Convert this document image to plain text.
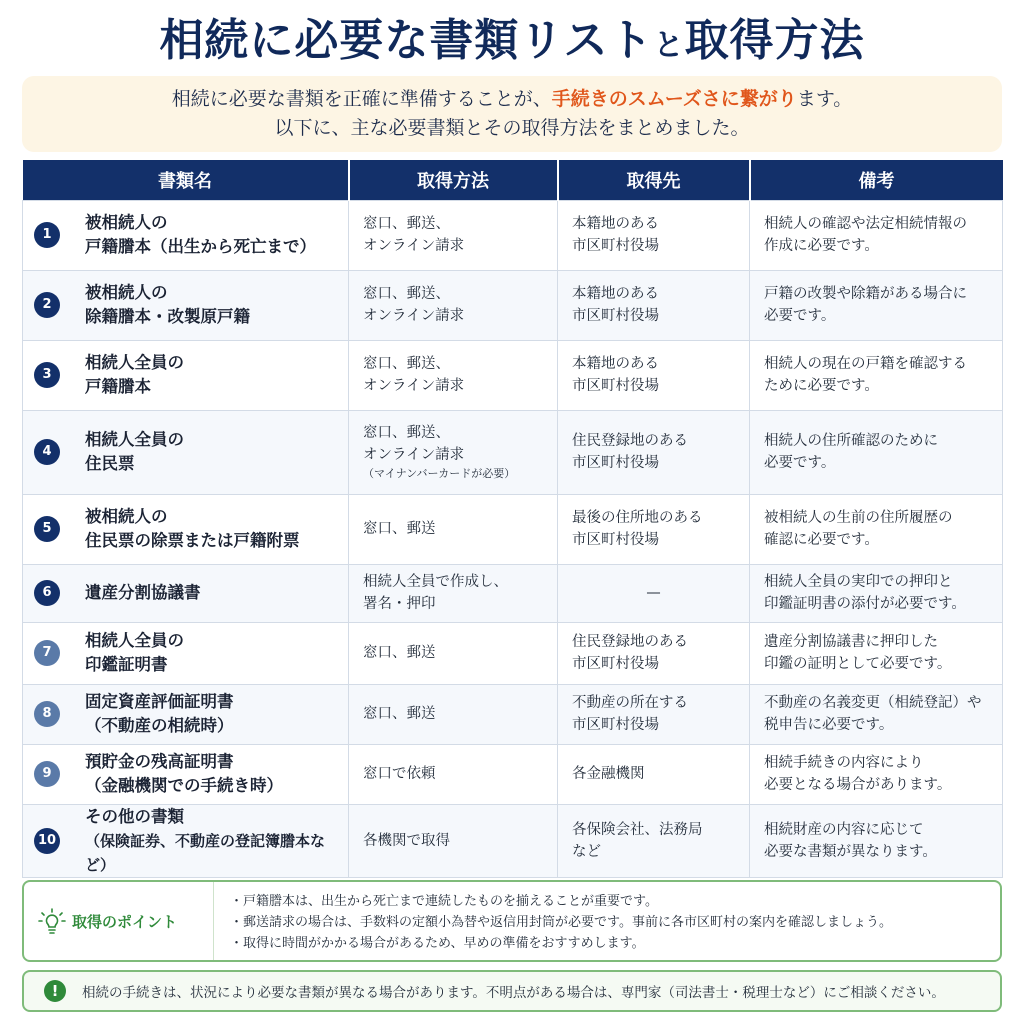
相続に必要な書類リストと取得方法
相続に必要な書類を正確に準備することが、手続きのスムーズさに繋がります。
以下に、主な必要書類とその取得方法をまとめました。
書類名	取得方法	取得先	備考

1
被相続人の
戸籍謄本（出生から死亡まで）	窓口、郵送、
オンライン請求	本籍地のある
市区町村役場	相続人の確認や法定相続情報の
作成に必要です。

2
被相続人の
除籍謄本・改製原戸籍	窓口、郵送、
オンライン請求	本籍地のある
市区町村役場	戸籍の改製や除籍がある場合に
必要です。

3
相続人全員の
戸籍謄本	窓口、郵送、
オンライン請求	本籍地のある
市区町村役場	相続人の現在の戸籍を確認する
ために必要です。

4
相続人全員の
住民票	窓口、郵送、
オンライン請求
（マイナンバーカードが必要）	住民登録地のある
市区町村役場	相続人の住所確認のために
必要です。

5
被相続人の
住民票の除票または戸籍附票	窓口、郵送	最後の住所地のある
市区町村役場	被相続人の生前の住所履歴の
確認に必要です。

6 遺産分割協議書	相続人全員で作成し、
署名・押印	—	相続人全員の実印での押印と
印鑑証明書の添付が必要です。

7
相続人全員の
印鑑証明書	窓口、郵送	住民登録地のある
市区町村役場	遺産分割協議書に押印した
印鑑の証明として必要です。

8
固定資産評価証明書
（不動産の相続時）	窓口、郵送	不動産の所在する
市区町村役場	不動産の名義変更（相続登記）や
税申告に必要です。

9
預貯金の残高証明書
（金融機関での手続き時）	窓口で依頼	各金融機関	相続手続きの内容により
必要となる場合があります。

10
その他の書類
（保険証券、不動産の登記簿謄本など）	各機関で取得	各保険会社、法務局
など	相続財産の内容に応じて
必要な書類が異なります。
取得のポイント
・ 戸籍謄本は、出生から死亡まで連続したものを揃えることが重要です。
・ 郵送請求の場合は、手数料の定額小為替や返信用封筒が必要です。事前に各市区町村の案内を確認しましょう。
・ 取得に時間がかかる場合があるため、早めの準備をおすすめします。
!	相続の手続きは、状況により必要な書類が異なる場合があります。不明点がある場合は、専門家（司法書士・税理士など）にご相談ください。
